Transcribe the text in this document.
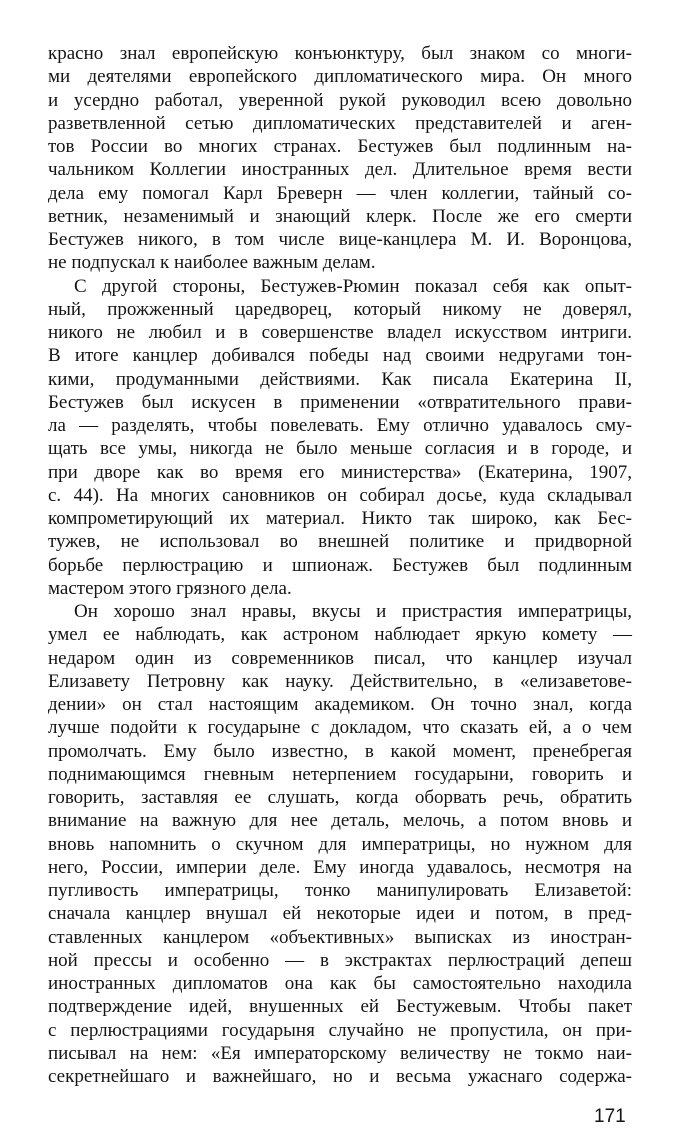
красно знал европейскую конъюнктуру, был знаком со многи-
ми деятелями европейского дипломатического мира. Он много
и усердно работал, уверенной рукой руководил всею довольно
разветвленной сетью дипломатических представителей и аген-
тов России во многих странах. Бестужев был подлинным на-
чальником Коллегии иностранных дел. Длительное время вести
дела ему помогал Карл Бреверн — член коллегии, тайный со-
ветник, незаменимый и знающий клерк. После же его смерти
Бестужев никого, в том числе вице-канцлера М. И. Воронцова,
не подпускал к наиболее важным делам.
С другой стороны, Бестужев-Рюмин показал себя как опыт-
ный, прожженный царедворец, который никому не доверял,
никого не любил и в совершенстве владел искусством интриги.
В итоге канцлер добивался победы над своими недругами тон-
кими, продуманными действиями. Как писала Екатерина II,
Бестужев был искусен в применении «отвратительного прави-
ла — разделять, чтобы повелевать. Ему отлично удавалось сму-
щать все умы, никогда не было меньше согласия и в городе, и
при дворе как во время его министерства» (Екатерина, 1907,
с. 44). На многих сановников он собирал досье, куда складывал
компрометирующий их материал. Никто так широко, как Бес-
тужев, не использовал во внешней политике и придворной
борьбе перлюстрацию и шпионаж. Бестужев был подлинным
мастером этого грязного дела.
Он хорошо знал нравы, вкусы и пристрастия императрицы,
умел ее наблюдать, как астроном наблюдает яркую комету —
недаром один из современников писал, что канцлер изучал
Елизавету Петровну как науку. Действительно, в «елизаветове-
дении» он стал настоящим академиком. Он точно знал, когда
лучше подойти к государыне с докладом, что сказать ей, а о чем
промолчать. Ему было известно, в какой момент, пренебрегая
поднимающимся гневным нетерпением государыни, говорить и
говорить, заставляя ее слушать, когда оборвать речь, обратить
внимание на важную для нее деталь, мелочь, а потом вновь и
вновь напомнить о скучном для императрицы, но нужном для
него, России, империи деле. Ему иногда удавалось, несмотря на
пугливость императрицы, тонко манипулировать Елизаветой:
сначала канцлер внушал ей некоторые идеи и потом, в пред-
ставленных канцлером «объективных» выписках из иностран-
ной прессы и особенно — в экстрактах перлюстраций депеш
иностранных дипломатов она как бы самостоятельно находила
подтверждение идей, внушенных ей Бестужевым. Чтобы пакет
с перлюстрациями государыня случайно не пропустила, он при-
писывал на нем: «Ея императорскому величеству не токмо наи-
секретнейшаго и важнейшаго, но и весьма ужаснаго содержа-
171
